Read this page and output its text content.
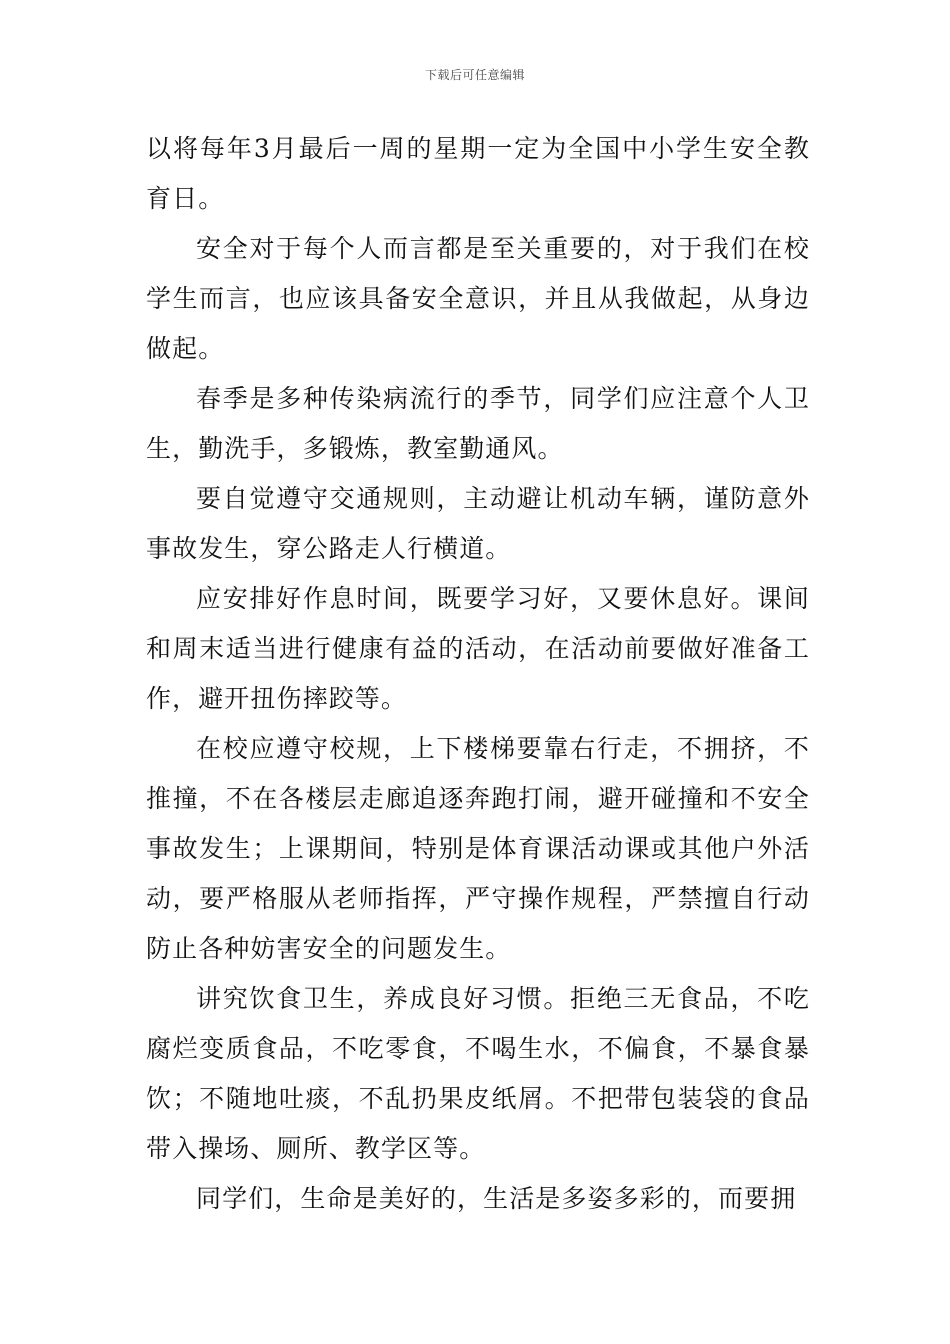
下载后可任意编辑

以将每年3月最后一周的星期一定为全国中小学生安全教育日。

安全对于每个人而言都是至关重要的，对于我们在校学生而言，也应该具备安全意识，并且从我做起，从身边做起。

春季是多种传染病流行的季节，同学们应注意个人卫生，勤洗手，多锻炼，教室勤通风。

要自觉遵守交通规则，主动避让机动车辆，谨防意外事故发生，穿公路走人行横道。

应安排好作息时间，既要学习好，又要休息好。课间和周末适当进行健康有益的活动，在活动前要做好准备工作，避开扭伤摔跤等。

在校应遵守校规，上下楼梯要靠右行走，不拥挤，不推撞，不在各楼层走廊追逐奔跑打闹，避开碰撞和不安全事故发生；上课期间，特别是体育课活动课或其他户外活动，要严格服从老师指挥，严守操作规程，严禁擅自行动防止各种妨害安全的问题发生。

讲究饮食卫生，养成良好习惯。拒绝三无食品，不吃腐烂变质食品，不吃零食，不喝生水，不偏食，不暴食暴饮；不随地吐痰，不乱扔果皮纸屑。不把带包装袋的食品带入操场、厕所、教学区等。

同学们，生命是美好的，生活是多姿多彩的，而要拥
